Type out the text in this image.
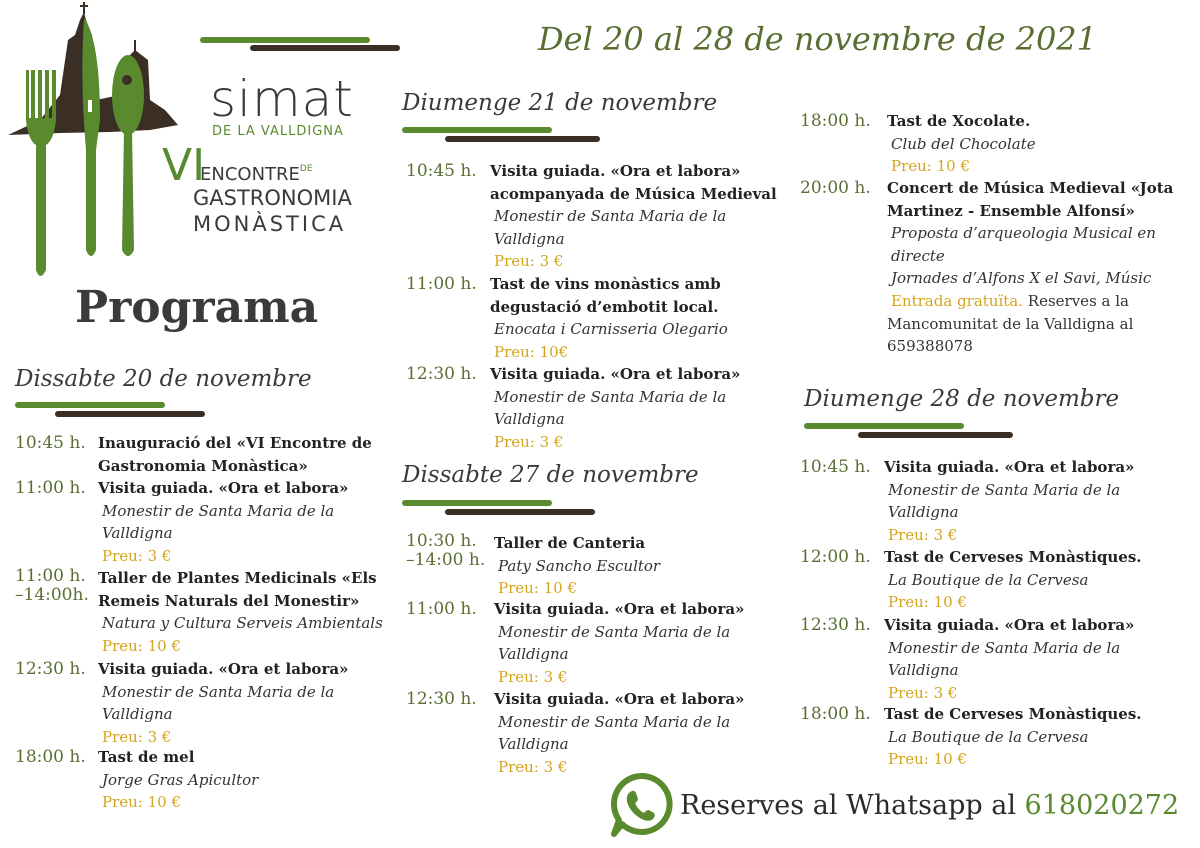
simat
DE LA VALLDIGNA
VI
$ENCONTRE^{DE}$
GASTRONOMIA
MONÀSTICA
Programa
Del 20 al 28 de novembre de 2021
Dissabte 20 de novembre
10:45 h. Inauguració del «VI Encontre de Gastronomia Monàstica»
11:00 h. Visita guiada. «Ora et labora»
Monestir de Santa Maria de la Valldigna
Preu: 3 €
11:00 h. –14:00h.
Taller de Plantes Medicinals «Els Remeis Naturals del Monestir»
Natura y Cultura Serveis Ambientals
Preu: 10 €
12:30 h. Visita guiada. «Ora et labora»
Monestir de Santa Maria de la Valldigna
Preu: 3 €
18:00 h. Tast de mel
Jorge Gras Apicultor
Preu: 10 €
Diumenge 21 de novembre
10:45 h. Visita guiada. «Ora et labora» acompanyada de Música Medieval
Monestir de Santa Maria de la Valldigna
Preu: 3 €
11:00 h. Tast de vins monàstics amb degustació d’embotit local.
Enocata i Carnisseria Olegario
Preu: 10€
12:30 h. Visita guiada. «Ora et labora»
Monestir de Santa Maria de la Valldigna
Preu: 3 €
Dissabte 27 de novembre
10:30 h. –14:00 h.
Taller de Canteria
Paty Sancho Escultor
Preu: 10 €
11:00 h. Visita guiada. «Ora et labora»
Monestir de Santa Maria de la Valldigna
Preu: 3 €
12:30 h. Visita guiada. «Ora et labora»
Monestir de Santa Maria de la Valldigna
Preu: 3 €
18:00 h. Tast de Xocolate.
Club del Chocolate
Preu: 10 €
20:00 h. Concert de Música Medieval «Jota Martinez - Ensemble Alfonsí»
Proposta d’arqueologia Musical en directe
Jornades d’Alfons X el Savi, Músic
Entrada gratuïta. Reserves a la Mancomunitat de la Valldigna al 659388078
Diumenge 28 de novembre
10:45 h. Visita guiada. «Ora et labora»
Monestir de Santa Maria de la Valldigna
Preu: 3 €
12:00 h. Tast de Cerveses Monàstiques.
La Boutique de la Cervesa
Preu: 10 €
12:30 h. Visita guiada. «Ora et labora»
Monestir de Santa Maria de la Valldigna
Preu: 3 €
18:00 h. Tast de Cerveses Monàstiques.
La Boutique de la Cervesa
Preu: 10 €
Reserves al Whatsapp al 618020272
